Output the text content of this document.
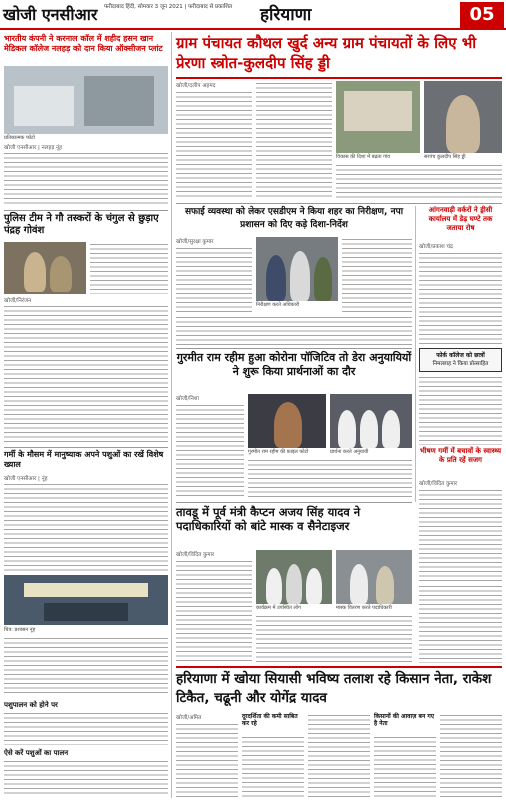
खोजी एनसीआर	फरीदाबाद हिंदी, सोमवार 3 जून 2021 | फरीदाबाद से प्रकाशित	हरियाणा	05
भारतीय कंपनी ने करनाल कॉल में शहीद हसन खान मेडिकल कॉलेज नलहड़ को दान किया ऑक्सीजन प्लांट
प्रतिकात्मक फोटो
खोजी एनसीआर | नलहड़ नूंह
पुलिस टीम ने गौ तस्करों के चंगुल से छुड़ाए पंद्रह गोवंश
खोजी/निरंजन
गर्मी के मौसम में मानुष्याक अपने पशुओं का रखें विशेष ख्याल
खोजी एनसीआर | नूंह
चित्र: प्रशासन नूंह
पशुपालन को होने पर
ऐसे करें पशुओं का पालन
ग्राम पंचायत कौथल खुर्द अन्य ग्राम पंचायतों के लिए भी प्रेरणा स्त्रोत-कुलदीप सिंह ड्डी
खोजी/दलीप अहमद
विकास की दिशा में बढ़ता गांव	सरपंच कुलदीप सिंह ड्डी
सफाई व्यवस्था को लेकर एसडीएम ने किया शहर का निरीक्षण, नपा प्रशासन को दिए कड़े दिशा-निर्देश
खोजी/सुरक्षा कुमार
निरीक्षण करते अधिकारी
आंगनवाड़ी वर्करों ने ड्रीसी कार्यालय में डेढ़ घण्टे तक जताया रोष
खोजी/प्रकाश चंद्र
गुरमीत राम रहीम हुआ कोरोना पॉजिटिव तो डेरा अनुयायियों ने शुरू किया प्रार्थनाओं का दौर
खोजी/निशा
गुरमीत राम रहीम की फ़ाइल फोटो	प्रार्थना करते अनुयायी
फोर्क कॉलेज को छात्रों
निमल्लाह ने किया प्रोत्साहित
भीषण गर्मी में बचावों के स्वास्थ्य के प्रति रहें सजग
खोजी/विदित कुमार
तावडू में पूर्व मंत्री कैप्टन अजय सिंह यादव ने पदाधिकारियों को बांटे मास्क व सैनेटाइजर
खोजी/विदित कुमार
कार्यक्रम में उपस्थित लोग	मास्क वितरण करते पदाधिकारी
हरियाणा में खोया सियासी भविष्य तलाश रहे किसान नेता, राकेश टिकैत, चढूनी और योगेंद्र यादव
खोजी/अमित	दूरदर्शिता की कमी साबित कर रहे
किसानों की आवाज़ बन गए है नेता
